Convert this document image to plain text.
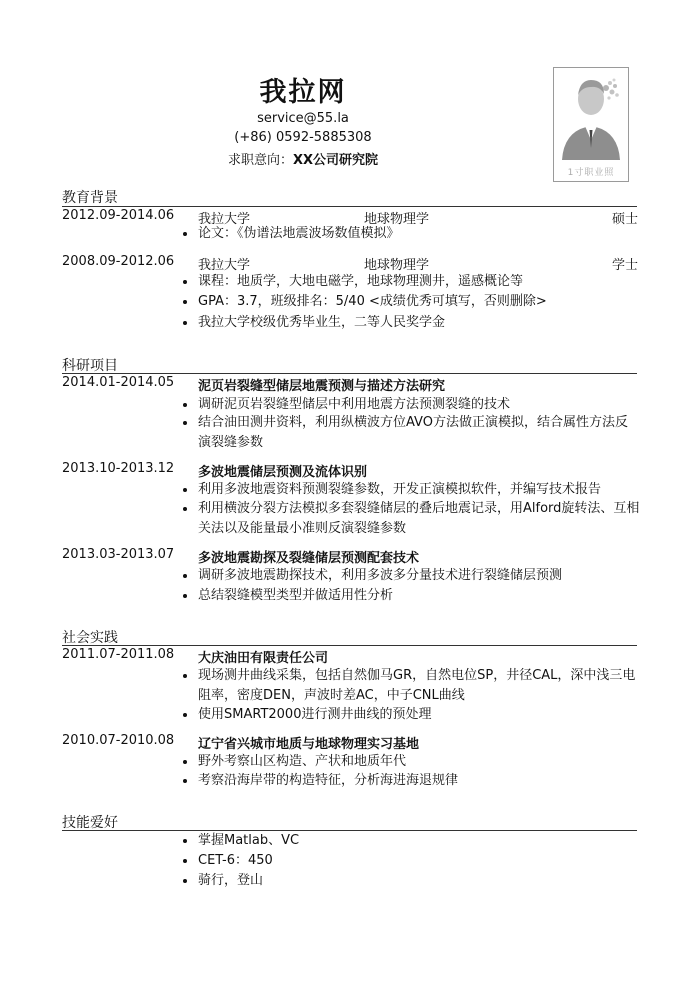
我拉网
service@55.la
(+86) 0592-5885308
求职意向：XX公司研究院
1寸职业照
教育背景
2012.09-2014.06 我拉大学	地球物理学	硕士
论文：《伪谱法地震波场数值模拟》
2008.09-2012.06 我拉大学	地球物理学	学士
课程：地质学，大地电磁学，地球物理测井，遥感概论等
GPA：3.7，班级排名：5/40 <成绩优秀可填写，否则删除>
我拉大学校级优秀毕业生，二等人民奖学金
科研项目
2014.01-2014.05 泥页岩裂缝型储层地震预测与描述方法研究
调研泥页岩裂缝型储层中利用地震方法预测裂缝的技术
结合油田测井资料，利用纵横波方位AVO方法做正演模拟，结合属性方法反演裂缝参数
2013.10-2013.12 多波地震储层预测及流体识别
利用多波地震资料预测裂缝参数，开发正演模拟软件，并编写技术报告
利用横波分裂方法模拟多套裂缝储层的叠后地震记录，用Alford旋转法、互相关法以及能量最小准则反演裂缝参数
2013.03-2013.07 多波地震勘探及裂缝储层预测配套技术
调研多波地震勘探技术，利用多波多分量技术进行裂缝储层预测
总结裂缝模型类型并做适用性分析
社会实践
2011.07-2011.08 大庆油田有限责任公司
现场测井曲线采集，包括自然伽马GR，自然电位SP，井径CAL，深中浅三电阻率，密度DEN，声波时差AC，中子CNL曲线
使用SMART2000进行测井曲线的预处理
2010.07-2010.08 辽宁省兴城市地质与地球物理实习基地
野外考察山区构造、产状和地质年代
考察沿海岸带的构造特征，分析海进海退规律
技能爱好
掌握Matlab、VC
CET-6：450
骑行，登山
